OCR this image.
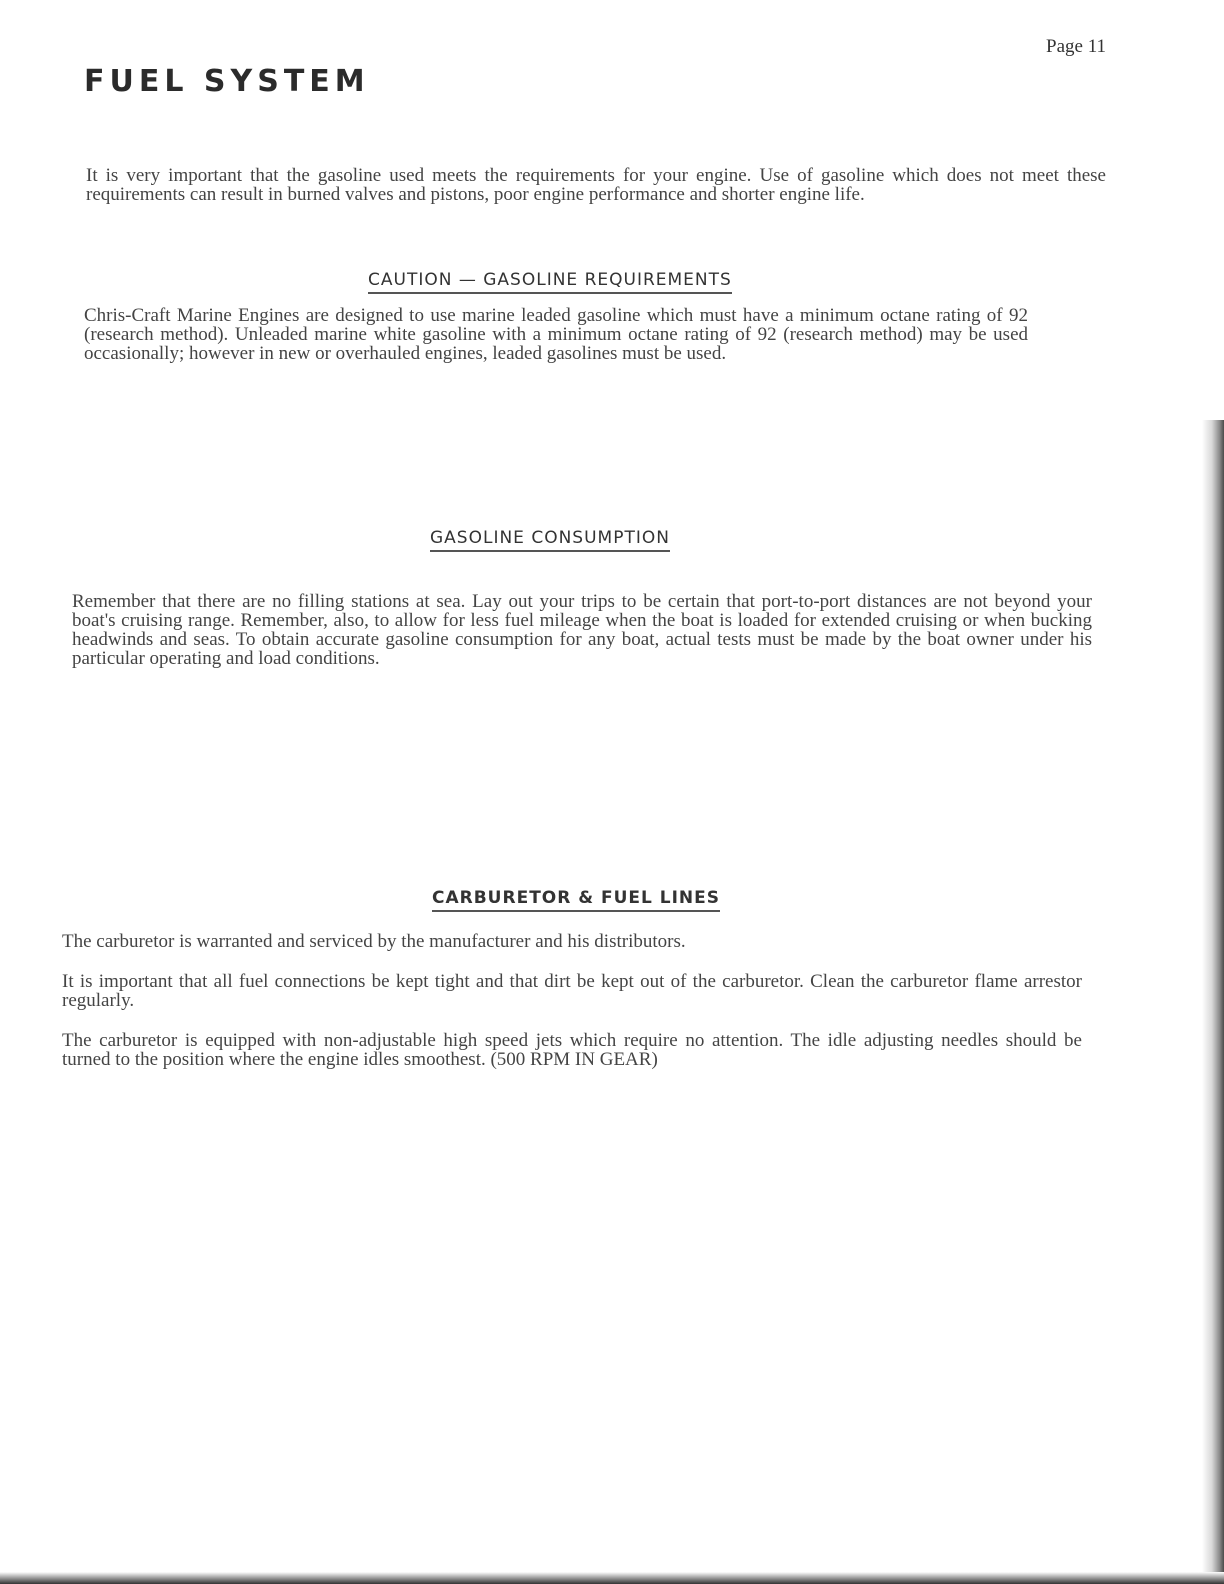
Page 11
FUEL SYSTEM

It is very important that the gasoline used meets the requirements for your engine. Use of gasoline which does not meet these requirements can result in burned valves and pistons, poor engine performance and shorter engine life.

CAUTION — GASOLINE REQUIREMENTS

Chris-Craft Marine Engines are designed to use marine leaded gasoline which must have a minimum octane rating of 92 (research method). Unleaded marine white gasoline with a minimum octane rating of 92 (research method) may be used occasionally; however in new or overhauled engines, leaded gasolines must be used.

GASOLINE CONSUMPTION

Remember that there are no filling stations at sea. Lay out your trips to be certain that port-to-port distances are not beyond your boat's cruising range. Remember, also, to allow for less fuel mileage when the boat is loaded for extended cruising or when bucking headwinds and seas. To obtain accurate gasoline consumption for any boat, actual tests must be made by the boat owner under his particular operating and load conditions.

CARBURETOR & FUEL LINES

The carburetor is warranted and serviced by the manufacturer and his distributors.

It is important that all fuel connections be kept tight and that dirt be kept out of the carburetor. Clean the carburetor flame arrestor regularly.

The carburetor is equipped with non-adjustable high speed jets which require no attention. The idle adjusting needles should be turned to the position where the engine idles smoothest. (500 RPM IN GEAR)
